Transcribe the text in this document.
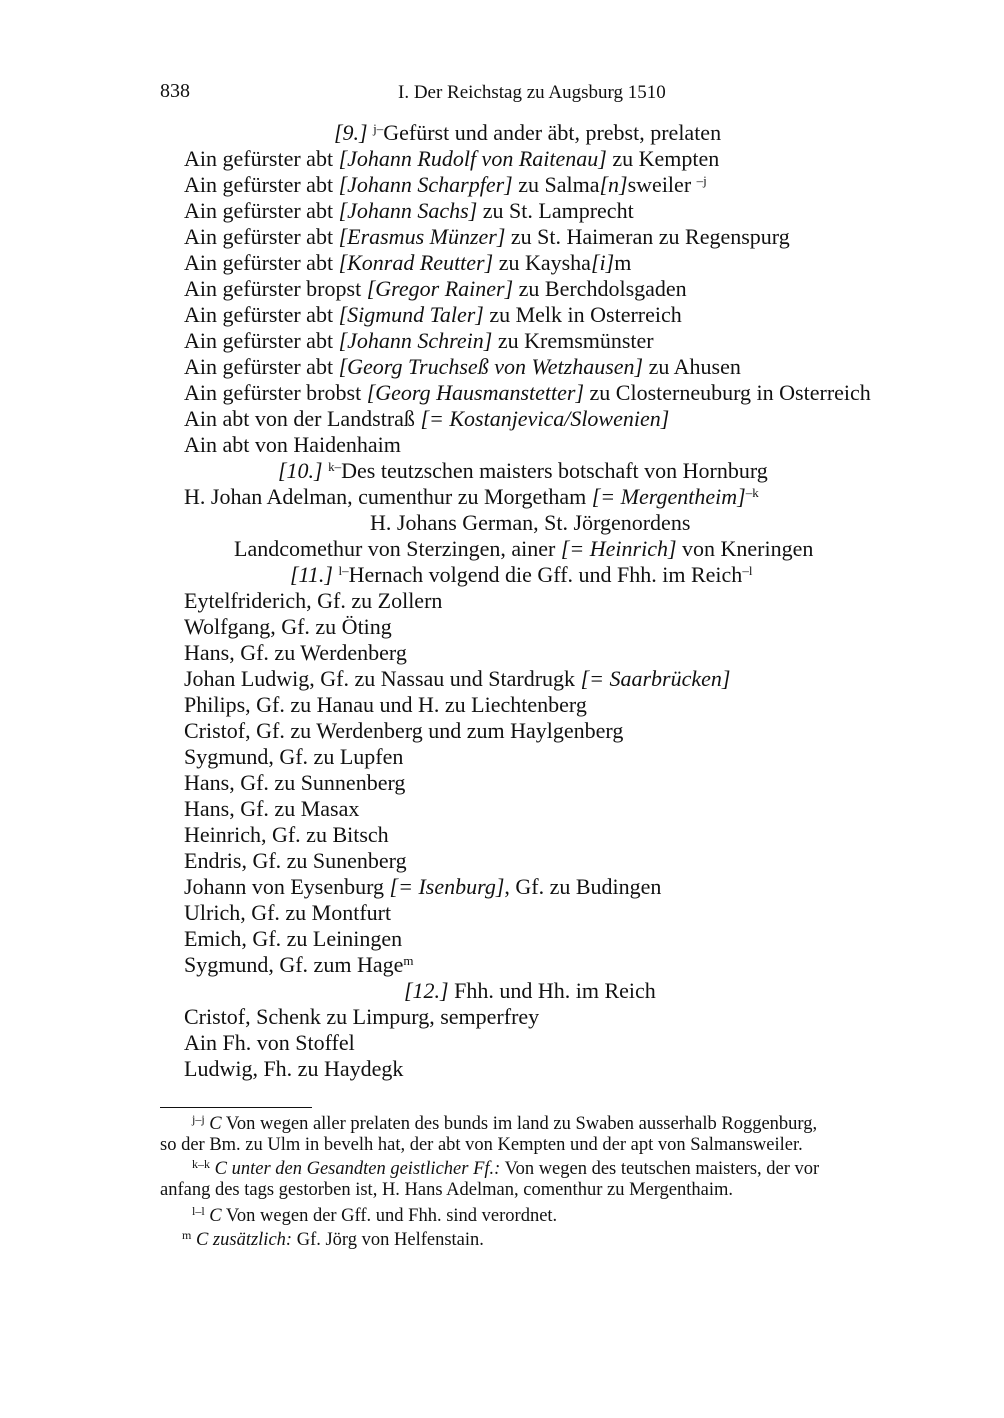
838	I. Der Reichstag zu Augsburg 1510
[9.] $^{j-}$Gefürst und ander äbt, prebst, prelaten
Ain gefürster abt [Johann Rudolf von Raitenau] zu Kempten
Ain gefürster abt [Johann Scharpfer] zu Salma[n]sweiler $^{-j}$
Ain gefürster abt [Johann Sachs] zu St. Lamprecht
Ain gefürster abt [Erasmus Münzer] zu St. Haimeran zu Regenspurg
Ain gefürster abt [Konrad Reutter] zu Kaysha[i]m
Ain gefürster bropst [Gregor Rainer] zu Berchdolsgaden
Ain gefürster abt [Sigmund Taler] zu Melk in Osterreich
Ain gefürster abt [Johann Schrein] zu Kremsmünster
Ain gefürster abt [Georg Truchseß von Wetzhausen] zu Ahusen
Ain gefürster brobst [Georg Hausmanstetter] zu Closterneuburg in Osterreich
Ain abt von der Landstraß [= Kostanjevica/Slowenien]
Ain abt von Haidenhaim
[10.] $^{k-}$Des teutzschen maisters botschaft von Hornburg
H. Johan Adelman, cumenthur zu Morgetham [= Mergentheim]$^{-k}$
H. Johans German, St. Jörgenordens
Landcomethur von Sterzingen, ainer [= Heinrich] von Kneringen
[11.] $^{l-}$Hernach volgend die Gff. und Fhh. im Reich$^{-l}$
Eytelfriderich, Gf. zu Zollern
Wolfgang, Gf. zu Öting
Hans, Gf. zu Werdenberg
Johan Ludwig, Gf. zu Nassau und Stardrugk [= Saarbrücken]
Philips, Gf. zu Hanau und H. zu Liechtenberg
Cristof, Gf. zu Werdenberg und zum Haylgenberg
Sygmund, Gf. zu Lupfen
Hans, Gf. zu Sunnenberg
Hans, Gf. zu Masax
Heinrich, Gf. zu Bitsch
Endris, Gf. zu Sunenberg
Johann von Eysenburg [= Isenburg], Gf. zu Budingen
Ulrich, Gf. zu Montfurt
Emich, Gf. zu Leiningen
Sygmund, Gf. zum Hage$^m$
[12.] Fhh. und Hh. im Reich
Cristof, Schenk zu Limpurg, semperfrey
Ain Fh. von Stoffel
Ludwig, Fh. zu Haydegk
$^{j-j}$ C Von wegen aller prelaten des bunds im land zu Swaben ausserhalb Roggenburg,
so der Bm. zu Ulm in bevelh hat, der abt von Kempten und der apt von Salmansweiler.
$^{k-k}$ C unter den Gesandten geistlicher Ff.: Von wegen des teutschen maisters, der vor
anfang des tags gestorben ist, H. Hans Adelman, comenthur zu Mergenthaim.
$^{l-l}$ C Von wegen der Gff. und Fhh. sind verordnet.
$^m$ C zusätzlich: Gf. Jörg von Helfenstain.
